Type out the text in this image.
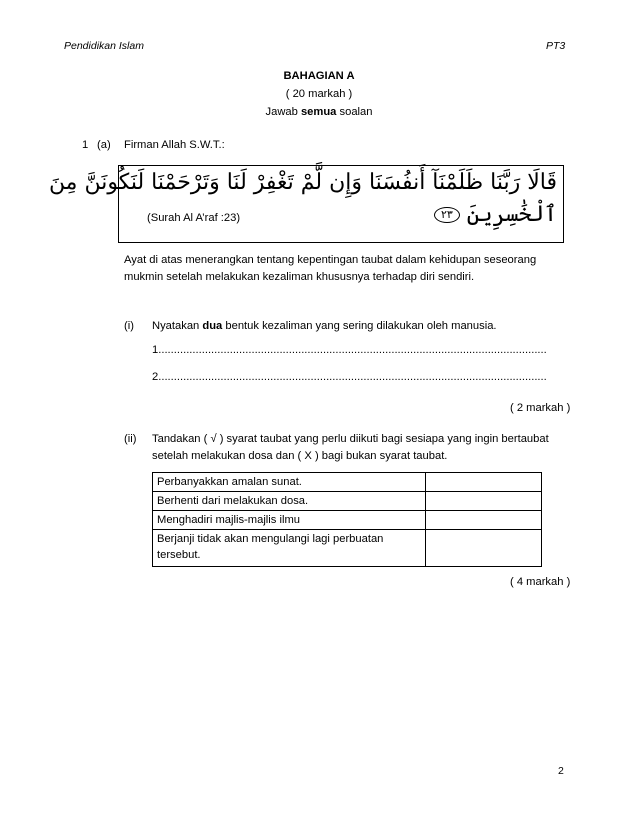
Pendidikan Islam	PT3
BAHAGIAN A
( 20 markah )
Jawab semua soalan
1 (a) Firman Allah S.W.T.:
قَالَا رَبَّنَا ظَلَمْنَآ أَنفُسَنَا وَإِن لَّمْ تَغْفِرْ لَنَا وَتَرْحَمْنَا لَنَكُونَنَّ مِنَ
ٱلْخَٰسِرِينَ ٢٣
(Surah Al A’raf :23)
Ayat di atas menerangkan tentang kepentingan taubat dalam kehidupan seseorang
mukmin setelah melakukan kezaliman khususnya terhadap diri sendiri.
(i) Nyatakan dua bentuk kezaliman yang sering dilakukan oleh manusia.
1.............................................................................................................................
2.............................................................................................................................
( 2 markah )
(ii) Tandakan ( √ ) syarat taubat yang perlu diikuti bagi sesiapa yang ingin bertaubat
setelah melakukan dosa dan ( X ) bagi bukan syarat taubat.
Perbanyakkan amalan sunat.	
Berhenti dari melakukan dosa.	
Menghadiri majlis-majlis ilmu	
Berjanji tidak akan mengulangi lagi perbuatan tersebut.	
( 4 markah )
2
